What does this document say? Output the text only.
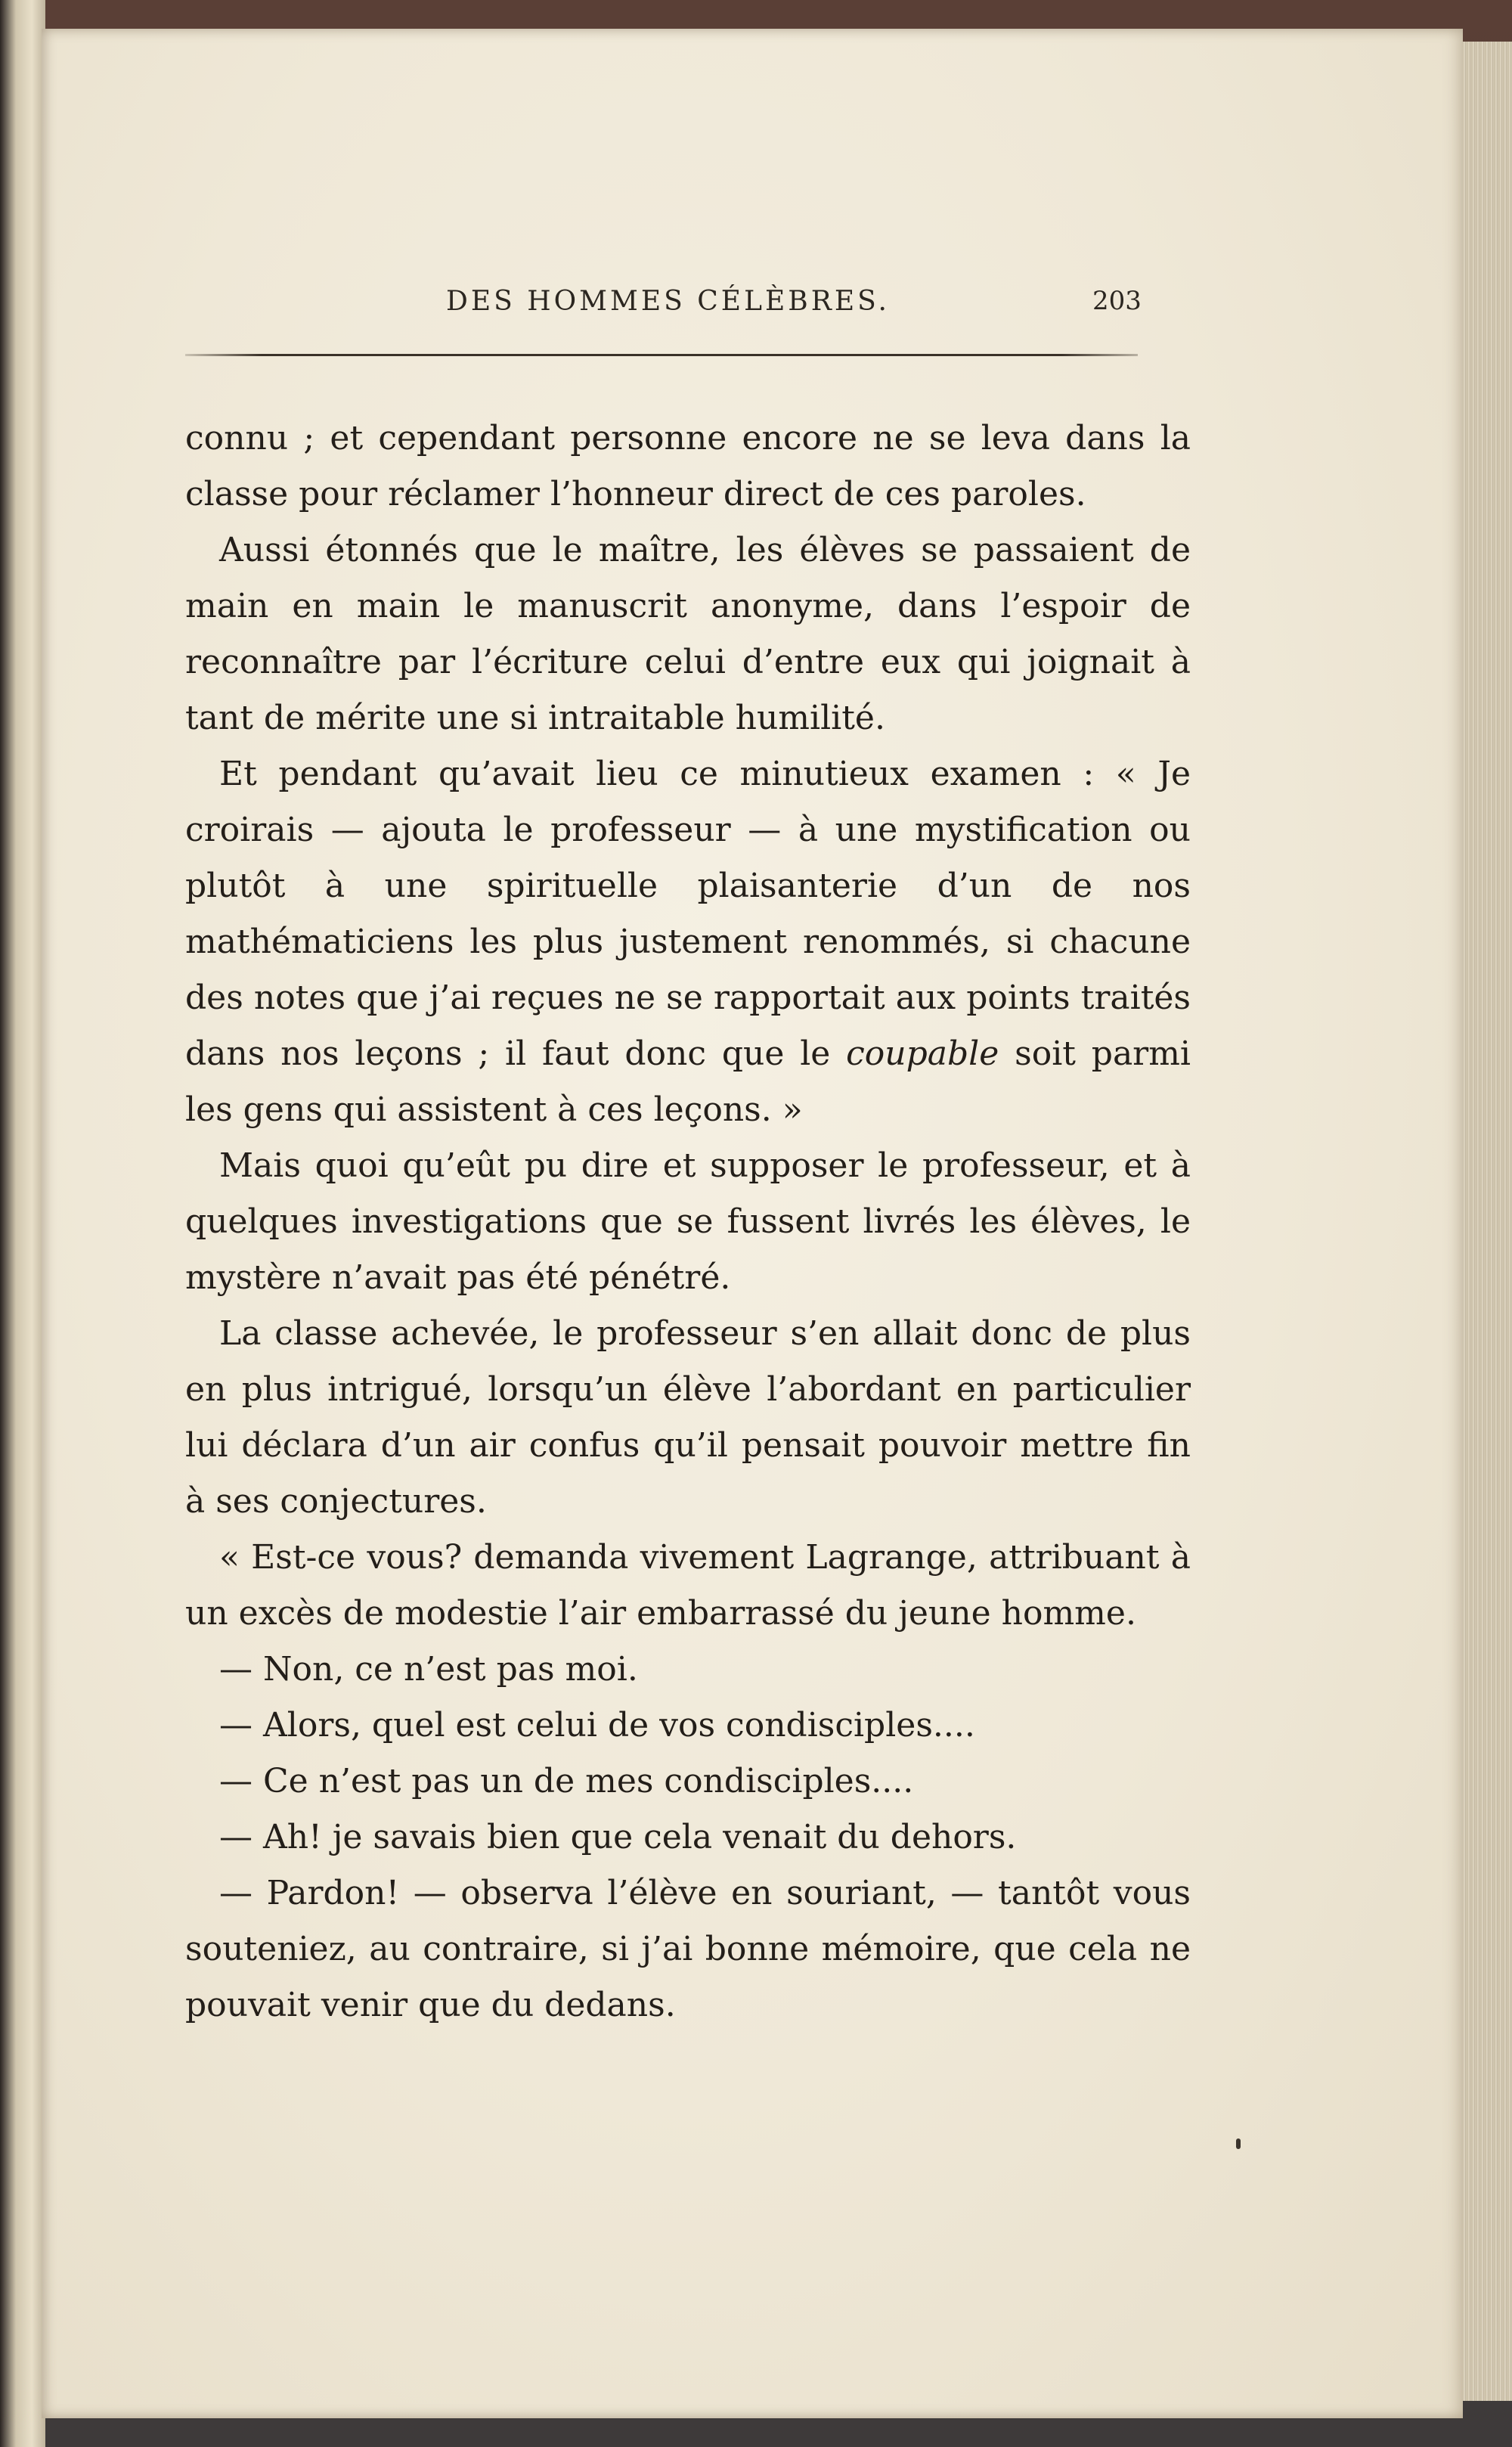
DES HOMMES CÉLÈBRES.	203

connu ; et cependant personne encore ne se leva dans la classe pour réclamer l’honneur direct de ces paroles.

Aussi étonnés que le maître, les élèves se passaient de main en main le manuscrit anonyme, dans l’espoir de reconnaître par l’écriture celui d’entre eux qui joignait à tant de mérite une si intraitable humilité.

Et pendant qu’avait lieu ce minutieux examen : « Je croirais — ajouta le professeur — à une mystification ou plutôt à une spirituelle plaisanterie d’un de nos mathématiciens les plus justement renommés, si chacune des notes que j’ai reçues ne se rapportait aux points traités dans nos leçons ; il faut donc que le coupable soit parmi les gens qui assistent à ces leçons. »

Mais quoi qu’eût pu dire et supposer le professeur, et à quelques investigations que se fussent livrés les élèves, le mystère n’avait pas été pénétré.

La classe achevée, le professeur s’en allait donc de plus en plus intrigué, lorsqu’un élève l’abordant en particulier lui déclara d’un air confus qu’il pensait pouvoir mettre fin à ses conjectures.

« Est-ce vous? demanda vivement Lagrange, attribuant à un excès de modestie l’air embarrassé du jeune homme.

— Non, ce n’est pas moi.

— Alors, quel est celui de vos condisciples....

— Ce n’est pas un de mes condisciples....

— Ah! je savais bien que cela venait du dehors.

— Pardon! — observa l’élève en souriant, — tantôt vous souteniez, au contraire, si j’ai bonne mémoire, que cela ne pouvait venir que du dedans.
